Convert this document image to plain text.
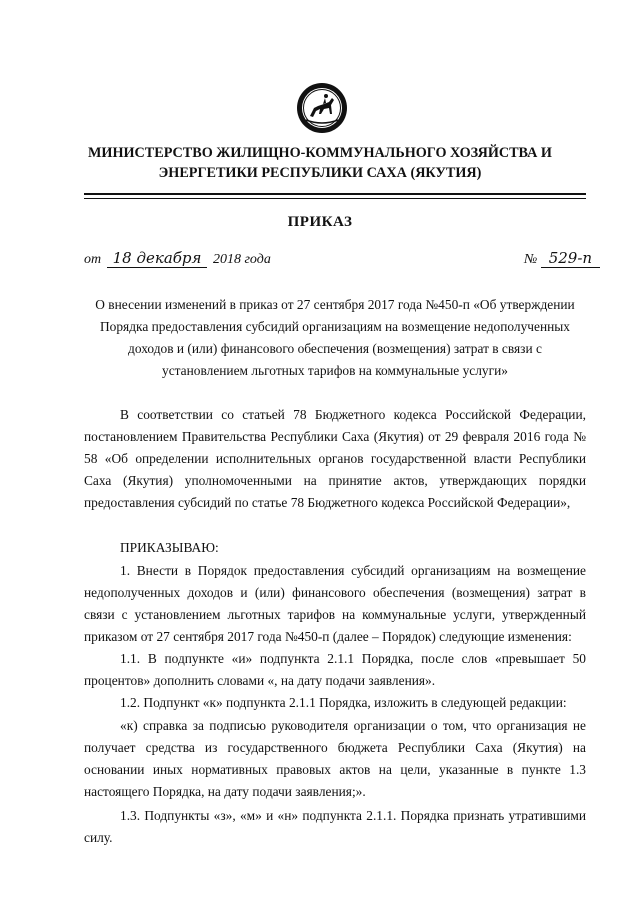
МИНИСТЕРСТВО ЖИЛИЩНО-КОММУНАЛЬНОГО ХОЗЯЙСТВА И
ЭНЕРГЕТИКИ РЕСПУБЛИКИ САХА (ЯКУТИЯ)
ПРИКАЗ
от 18 декабря 2018 года	№ 529-п
О внесении изменений в приказ от 27 сентября 2017 года №450-п «Об утверждении Порядка предоставления субсидий организациям на возмещение недополученных доходов и (или) финансового обеспечения (возмещения) затрат в связи с установлением льготных тарифов на коммунальные услуги»
В соответствии со статьей 78 Бюджетного кодекса Российской Федерации, постановлением Правительства Республики Саха (Якутия) от 29 февраля 2016 года № 58 «Об определении исполнительных органов государственной власти Республики Саха (Якутия) уполномоченными на принятие актов, утверждающих порядки предоставления субсидий по статье 78 Бюджетного кодекса Российской Федерации»,
ПРИКАЗЫВАЮ:
1. Внести в Порядок предоставления субсидий организациям на возмещение недополученных доходов и (или) финансового обеспечения (возмещения) затрат в связи с установлением льготных тарифов на коммунальные услуги, утвержденный приказом от 27 сентября 2017 года №450-п (далее – Порядок) следующие изменения:
1.1. В подпункте «и» подпункта 2.1.1 Порядка, после слов «превышает 50 процентов» дополнить словами «, на дату подачи заявления».
1.2. Подпункт «к» подпункта 2.1.1 Порядка, изложить в следующей редакции:
«к) справка за подписью руководителя организации о том, что организация не получает средства из государственного бюджета Республики Саха (Якутия) на основании иных нормативных правовых актов на цели, указанные в пункте 1.3 настоящего Порядка, на дату подачи заявления;».
1.3. Подпункты «з», «м» и «н» подпункта 2.1.1. Порядка признать утратившими силу.
